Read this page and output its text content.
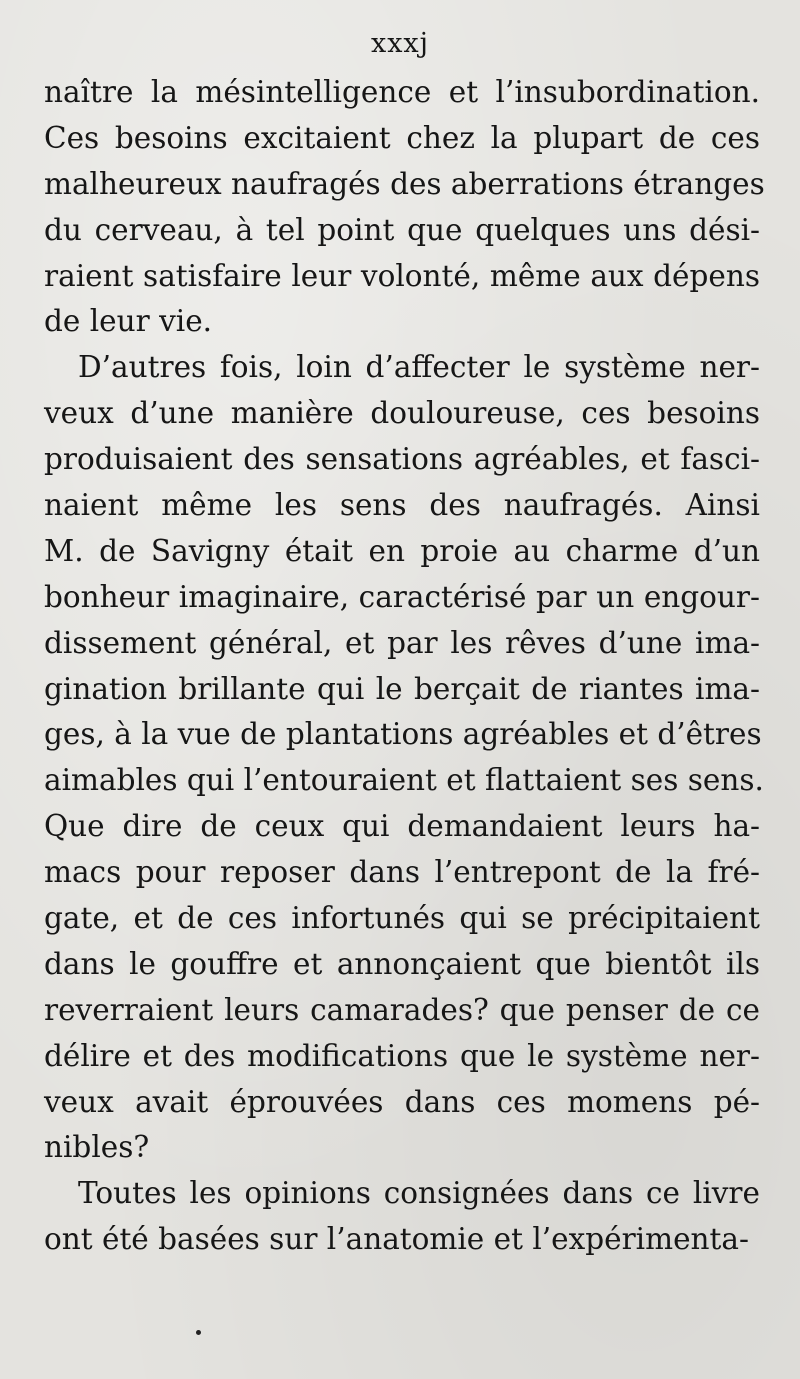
xxxj
naître la mésintelligence et l’insubordination.
Ces besoins excitaient chez la plupart de ces
malheureux naufragés des aberrations étranges
du cerveau, à tel point que quelques uns dési-
raient satisfaire leur volonté, même aux dépens
de leur vie.
D’autres fois, loin d’affecter le système ner-
veux d’une manière douloureuse, ces besoins
produisaient des sensations agréables, et fasci-
naient même les sens des naufragés. Ainsi
M. de Savigny était en proie au charme d’un
bonheur imaginaire, caractérisé par un engour-
dissement général, et par les rêves d’une ima-
gination brillante qui le berçait de riantes ima-
ges, à la vue de plantations agréables et d’êtres
aimables qui l’entouraient et flattaient ses sens.
Que dire de ceux qui demandaient leurs ha-
macs pour reposer dans l’entrepont de la fré-
gate, et de ces infortunés qui se précipitaient
dans le gouffre et annonçaient que bientôt ils
reverraient leurs camarades? que penser de ce
délire et des modifications que le système ner-
veux avait éprouvées dans ces momens pé-
nibles?
Toutes les opinions consignées dans ce livre
ont été basées sur l’anatomie et l’expérimenta-
